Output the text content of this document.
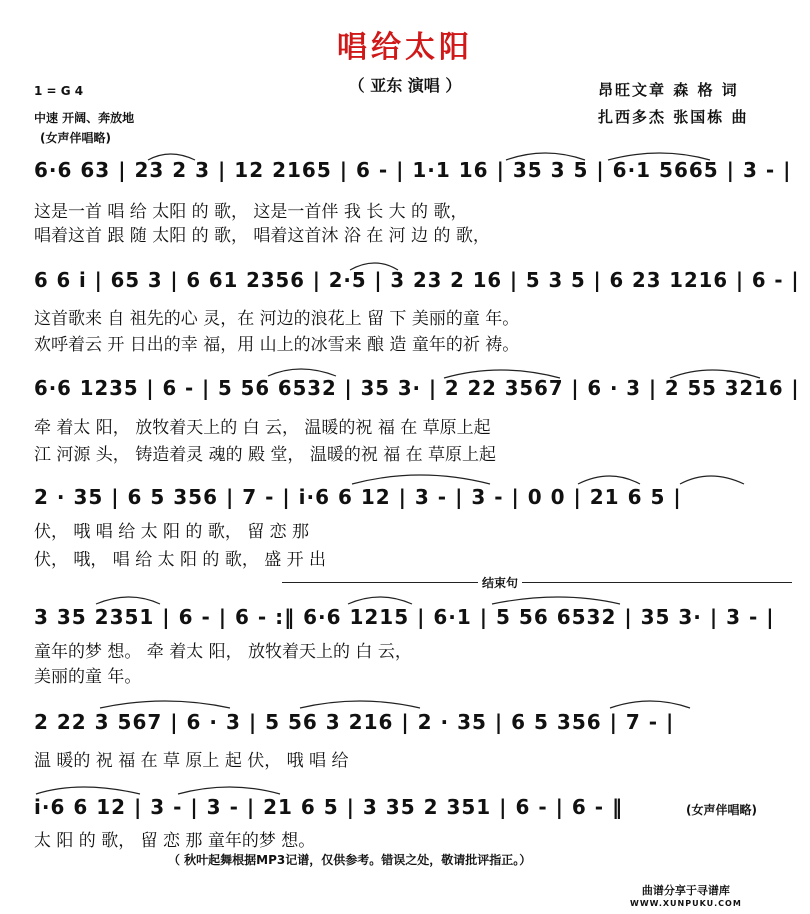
唱给太阳
（ 亚东 演唱 ）	昂旺文章 森 格 词
扎西多杰 张国栋 曲
1 = G 4
中速 开阔、奔放地
(女声伴唱略)
6·6 63 | 23 2 3 | 12 2165 | 6 - | 1·1 16 | 35 3 5 | 6·1 5665 | 3 - |
这是一首 唱 给 太阳 的 歌， 这是一首伴 我 长 大 的 歌，
唱着这首 跟 随 太阳 的 歌， 唱着这首沐 浴 在 河 边 的 歌，
6 6 i | 65 3 | 6 61 2356 | 2·5 | 3 23 2 16 | 5 3 5 | 6 23 1216 | 6 - |
这首歌来 自 祖先的心 灵，在 河边的浪花上 留 下 美丽的童 年。
欢呼着云 开 日出的幸 福，用 山上的冰雪来 酿 造 童年的祈 祷。
6·6 1235 | 6 - | 5 56 6532 | 35 3· | 2 22 3567 | 6 · 3 | 2 55 3216 |
牵 着太 阳， 放牧着天上的 白 云， 温暖的祝 福 在 草原上起
江 河源 头， 铸造着灵 魂的 殿 堂， 温暖的祝 福 在 草原上起
2 · 35 | 6 5 356 | 7 - | i·6 6 12 | 3 - | 3 - | 0 0 | 21 6 5 |
伏， 哦 唱 给 太 阳 的 歌， 留 恋 那
伏， 哦， 唱 给 太 阳 的 歌， 盛 开 出
结束句
3 35 2351 | 6 - | 6 - :‖ 6·6 1215 | 6·1 | 5 56 6532 | 35 3· | 3 - |
童年的梦 想。 牵 着太 阳， 放牧着天上的 白 云，
美丽的童 年。
2 22 3 567 | 6 · 3 | 5 56 3 216 | 2 · 35 | 6 5 356 | 7 - |
温 暖的 祝 福 在 草 原上 起 伏， 哦 唱 给
i·6 6 12 | 3 - | 3 - | 21 6 5 | 3 35 2 351 | 6 - | 6 - ‖
太 阳 的 歌， 留 恋 那 童年的梦 想。
(女声伴唱略)
（ 秋叶起舞根据MP3记谱，仅供参考。错误之处，敬请批评指正。）
曲谱分享于寻谱库
WWW.XUNPUKU.COM
